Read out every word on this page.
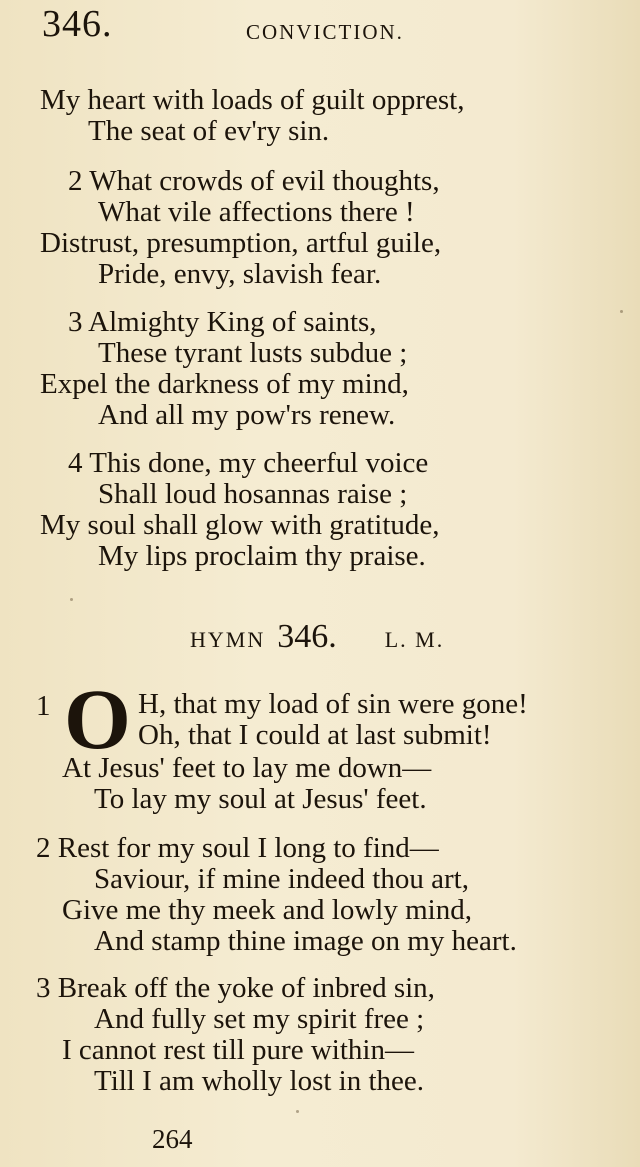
346.	CONVICTION.
My heart with loads of guilt opprest,
The seat of ev'ry sin.
2 What crowds of evil thoughts,
What vile affections there !
Distrust, presumption, artful guile,
Pride, envy, slavish fear.
3 Almighty King of saints,
These tyrant lusts subdue ;
Expel the darkness of my mind,
And all my pow'rs renew.
4 This done, my cheerful voice
Shall loud hosannas raise ;
My soul shall glow with gratitude,
My lips proclaim thy praise.
HYMN 346. L. M.
1 O H, that my load of sin were gone!
Oh, that I could at last submit!
At Jesus' feet to lay me down—
To lay my soul at Jesus' feet.
2 Rest for my soul I long to find—
Saviour, if mine indeed thou art,
Give me thy meek and lowly mind,
And stamp thine image on my heart.
3 Break off the yoke of inbred sin,
And fully set my spirit free ;
I cannot rest till pure within—
Till I am wholly lost in thee.
264
